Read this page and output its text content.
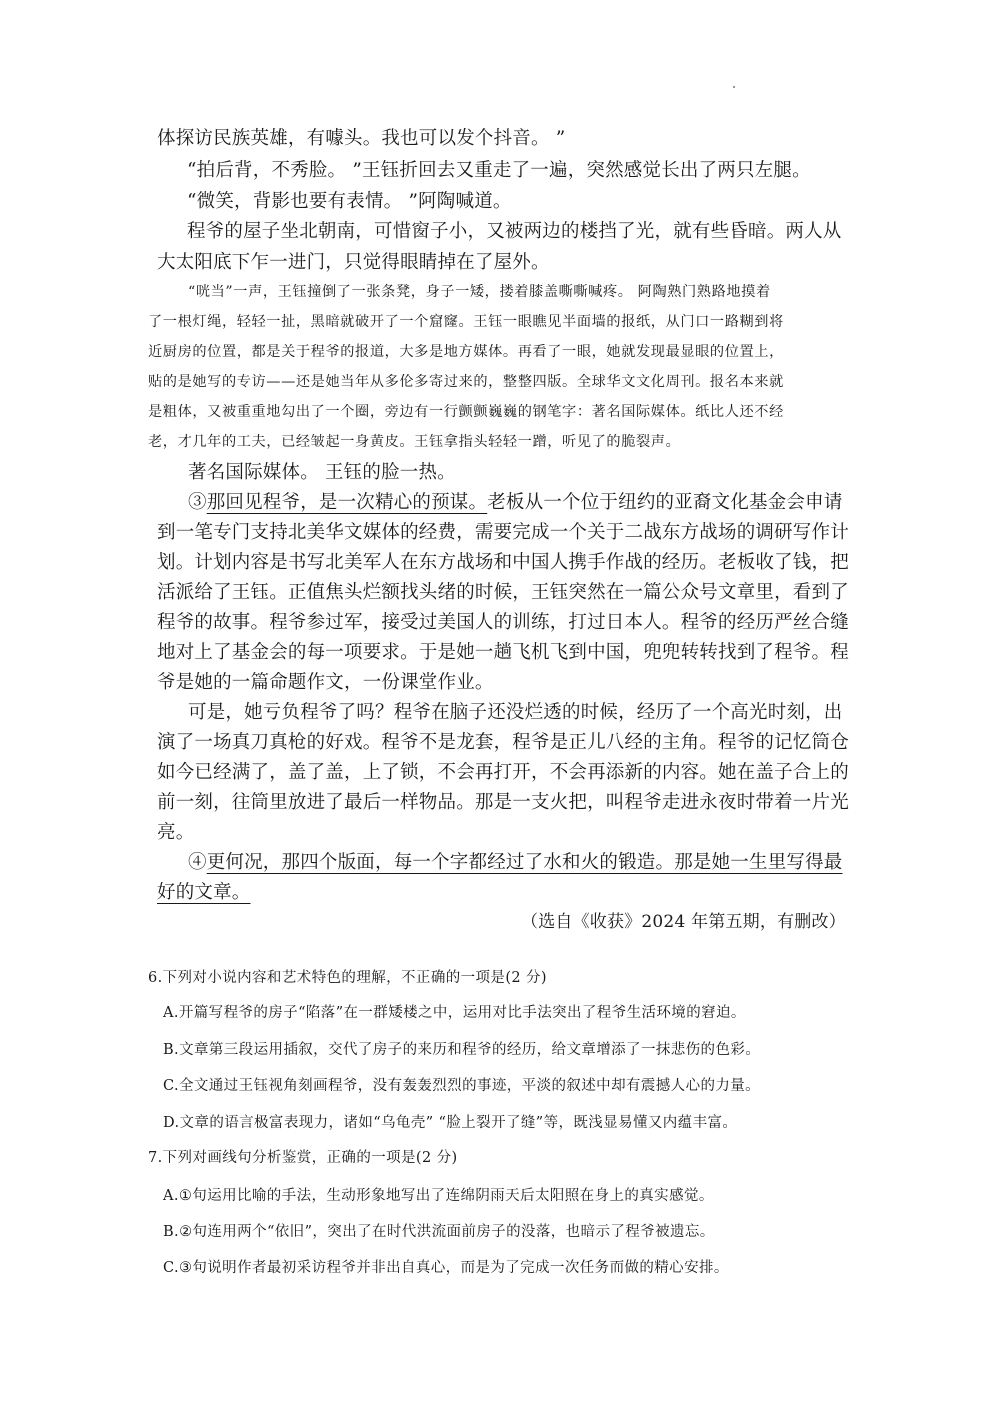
体探访民族英雄，有噱头。我也可以发个抖音。 ”
“拍后背，不秀脸。 ”王钰折回去又重走了一遍，突然感觉长出了两只左腿。
“微笑，背影也要有表情。 ”阿陶喊道。
程爷的屋子坐北朝南，可惜窗子小，又被两边的楼挡了光，就有些昏暗。两人从
大太阳底下乍一进门，只觉得眼睛掉在了屋外。
“咣当”一声，王钰撞倒了一张条凳，身子一矮，搂着膝盖嘶嘶喊疼。 阿陶熟门熟路地摸着
了一根灯绳，轻轻一扯，黑暗就破开了一个窟窿。王钰一眼瞧见半面墙的报纸，从门口一路糊到将
近厨房的位置，都是关于程爷的报道，大多是地方媒体。再看了一眼，她就发现最显眼的位置上，
贴的是她写的专访——还是她当年从多伦多寄过来的，整整四版。全球华文文化周刊。报名本来就
是粗体，又被重重地勾出了一个圈，旁边有一行颤颤巍巍的钢笔字：著名国际媒体。纸比人还不经
老，才几年的工夫，已经皱起一身黄皮。王钰拿指头轻轻一蹭，听见了的脆裂声。
著名国际媒体。 王钰的脸一热。
③那回见程爷，是一次精心的预谋。老板从一个位于纽约的亚裔文化基金会申请
到一笔专门支持北美华文媒体的经费，需要完成一个关于二战东方战场的调研写作计
划。计划内容是书写北美军人在东方战场和中国人携手作战的经历。老板收了钱，把
活派给了王钰。正值焦头烂额找头绪的时候，王钰突然在一篇公众号文章里，看到了
程爷的故事。程爷参过军，接受过美国人的训练，打过日本人。程爷的经历严丝合缝
地对上了基金会的每一项要求。于是她一趟飞机飞到中国，兜兜转转找到了程爷。程
爷是她的一篇命题作文，一份课堂作业。
可是，她亏负程爷了吗？程爷在脑子还没烂透的时候，经历了一个高光时刻，出
演了一场真刀真枪的好戏。程爷不是龙套，程爷是正儿八经的主角。程爷的记忆筒仓
如今已经满了，盖了盖，上了锁，不会再打开，不会再添新的内容。她在盖子合上的
前一刻，往筒里放进了最后一样物品。那是一支火把，叫程爷走进永夜时带着一片光
亮。
④更何况，那四个版面，每一个字都经过了水和火的锻造。那是她一生里写得最
好的文章。
（选自《收获》2024 年第五期，有删改）
6.下列对小说内容和艺术特色的理解，不正确的一项是(2 分)
A.开篇写程爷的房子“陷落”在一群矮楼之中，运用对比手法突出了程爷生活环境的窘迫。
B.文章第三段运用插叙，交代了房子的来历和程爷的经历，给文章增添了一抹悲伤的色彩。
C.全文通过王钰视角刻画程爷，没有轰轰烈烈的事迹，平淡的叙述中却有震撼人心的力量。
D.文章的语言极富表现力，诸如“乌龟壳” “脸上裂开了缝”等，既浅显易懂又内蕴丰富。
7.下列对画线句分析鉴赏，正确的一项是(2 分)
A.①句运用比喻的手法，生动形象地写出了连绵阴雨天后太阳照在身上的真实感觉。
B.②句连用两个“依旧”，突出了在时代洪流面前房子的没落，也暗示了程爷被遗忘。
C.③句说明作者最初采访程爷并非出自真心，而是为了完成一次任务而做的精心安排。
